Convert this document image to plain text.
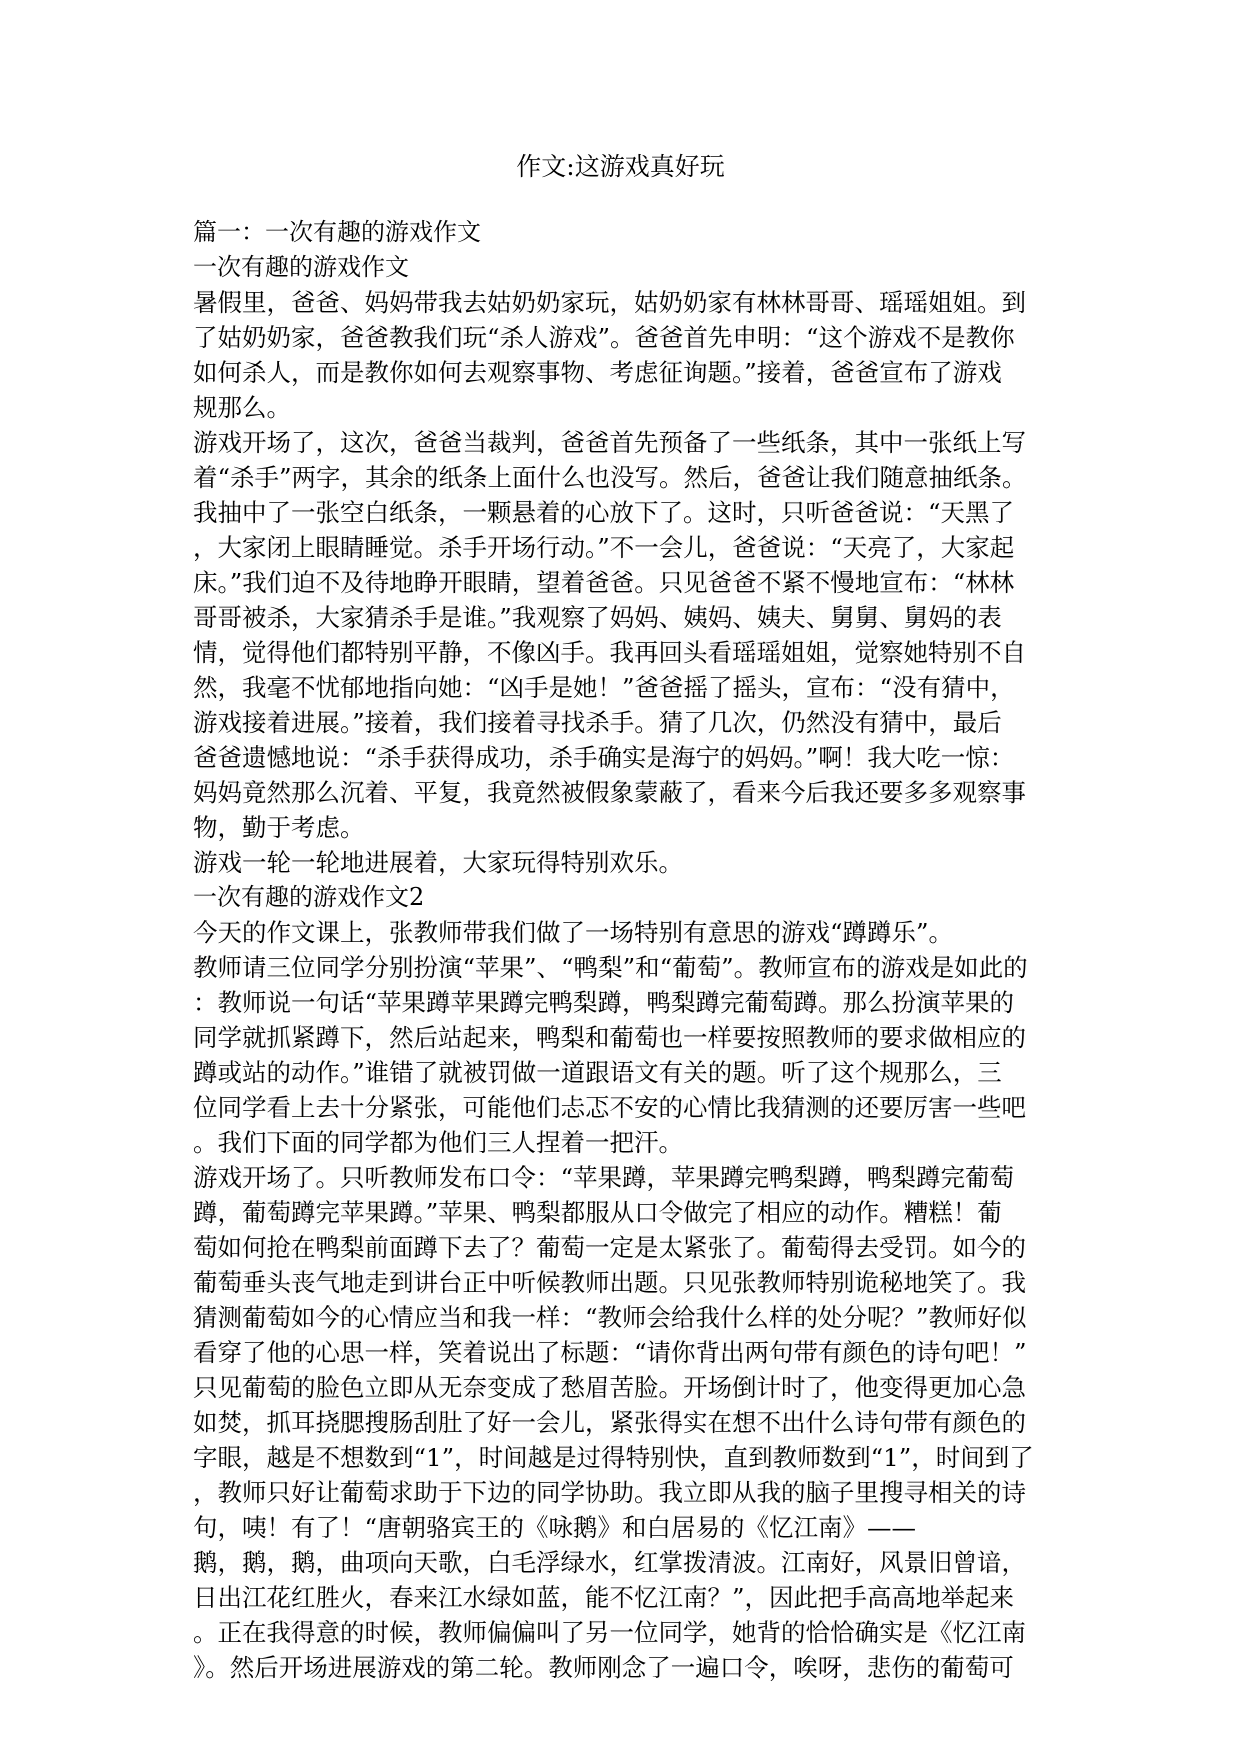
作文:这游戏真好玩
篇一：一次有趣的游戏作文
一次有趣的游戏作文
暑假里，爸爸、妈妈带我去姑奶奶家玩，姑奶奶家有林林哥哥、瑶瑶姐姐。到
了姑奶奶家，爸爸教我们玩“杀人游戏”。爸爸首先申明：“这个游戏不是教你
如何杀人，而是教你如何去观察事物、考虑征询题。”接着，爸爸宣布了游戏
规那么。
游戏开场了，这次，爸爸当裁判，爸爸首先预备了一些纸条，其中一张纸上写
着“杀手”两字，其余的纸条上面什么也没写。然后，爸爸让我们随意抽纸条。
我抽中了一张空白纸条，一颗悬着的心放下了。这时，只听爸爸说：“天黑了
，大家闭上眼睛睡觉。杀手开场行动。”不一会儿，爸爸说：“天亮了，大家起
床。”我们迫不及待地睁开眼睛，望着爸爸。只见爸爸不紧不慢地宣布：“林林
哥哥被杀，大家猜杀手是谁。”我观察了妈妈、姨妈、姨夫、舅舅、舅妈的表
情，觉得他们都特别平静，不像凶手。我再回头看瑶瑶姐姐，觉察她特别不自
然，我毫不忧郁地指向她：“凶手是她！”爸爸摇了摇头，宣布：“没有猜中，
游戏接着进展。”接着，我们接着寻找杀手。猜了几次，仍然没有猜中，最后
爸爸遗憾地说：“杀手获得成功，杀手确实是海宁的妈妈。”啊！我大吃一惊：
妈妈竟然那么沉着、平复，我竟然被假象蒙蔽了，看来今后我还要多多观察事
物，勤于考虑。
游戏一轮一轮地进展着，大家玩得特别欢乐。
一次有趣的游戏作文2
今天的作文课上，张教师带我们做了一场特别有意思的游戏“蹲蹲乐”。
教师请三位同学分别扮演“苹果”、“鸭梨”和“葡萄”。教师宣布的游戏是如此的
：教师说一句话“苹果蹲苹果蹲完鸭梨蹲，鸭梨蹲完葡萄蹲。那么扮演苹果的
同学就抓紧蹲下，然后站起来，鸭梨和葡萄也一样要按照教师的要求做相应的
蹲或站的动作。”谁错了就被罚做一道跟语文有关的题。听了这个规那么，三
位同学看上去十分紧张，可能他们忐忑不安的心情比我猜测的还要厉害一些吧
。我们下面的同学都为他们三人捏着一把汗。
游戏开场了。只听教师发布口令：“苹果蹲，苹果蹲完鸭梨蹲，鸭梨蹲完葡萄
蹲，葡萄蹲完苹果蹲。”苹果、鸭梨都服从口令做完了相应的动作。糟糕！葡
萄如何抢在鸭梨前面蹲下去了？葡萄一定是太紧张了。葡萄得去受罚。如今的
葡萄垂头丧气地走到讲台正中听候教师出题。只见张教师特别诡秘地笑了。我
猜测葡萄如今的心情应当和我一样：“教师会给我什么样的处分呢？”教师好似
看穿了他的心思一样，笑着说出了标题：“请你背出两句带有颜色的诗句吧！”
只见葡萄的脸色立即从无奈变成了愁眉苦脸。开场倒计时了，他变得更加心急
如焚，抓耳挠腮搜肠刮肚了好一会儿，紧张得实在想不出什么诗句带有颜色的
字眼，越是不想数到“1”，时间越是过得特别快，直到教师数到“1”，时间到了
，教师只好让葡萄求助于下边的同学协助。我立即从我的脑子里搜寻相关的诗
句，咦！有了！“唐朝骆宾王的《咏鹅》和白居易的《忆江南》——
鹅，鹅，鹅，曲项向天歌，白毛浮绿水，红掌拨清波。江南好，风景旧曾谙，
日出江花红胜火，春来江水绿如蓝，能不忆江南？”，因此把手高高地举起来
。正在我得意的时候，教师偏偏叫了另一位同学，她背的恰恰确实是《忆江南
》。然后开场进展游戏的第二轮。教师刚念了一遍口令，唉呀，悲伤的葡萄可
